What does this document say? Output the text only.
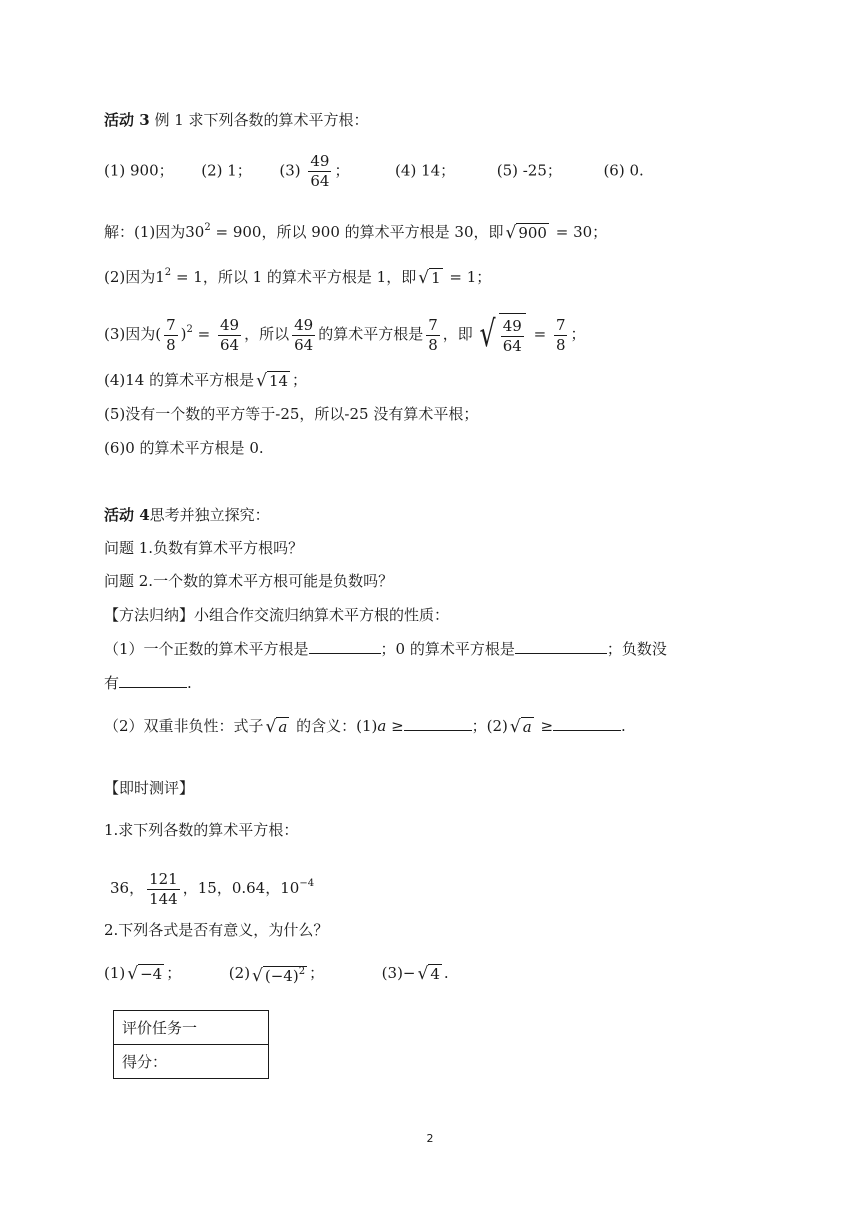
活动 3 例 1 求下列各数的算术平方根：
(1) 900； (2) 1； $(3) \frac{49}{64}$ ；	(4) 14；	(5) -25；	(6) 0.
解：(1)因为$30^2 = 900$，所以 900 的算术平方根是 30，即 √ 900 = 30；
(2)因为$1^2 = 1$，所以 1 的算术平方根是 1，即 √ 1 = 1；
(3)因为( $\frac{7}{8} )^2 = \frac{49}{64}$ ，所以 $\frac{49}{64}$ 的算术平方根是 $\frac{7}{8}$ ，即 √ $\frac{49}{64} = \frac{7}{8}$ ；
(4)14 的算术平方根是 √ 14 ；
(5)没有一个数的平方等于-25，所以-25 没有算术平根；
(6)0 的算术平方根是 0.
活动 4思考并独立探究：
问题 1.负数有算术平方根吗？
问题 2.一个数的算术平方根可能是负数吗？
【方法归纳】小组合作交流归纳算术平方根的性质：
（1）一个正数的算术平方根是	；0 的算术平方根是	；负数没
有	.
（2）双重非负性：式子 √ a 的含义：(1)a ≥	；(2) √ a ≥	.
【即时测评】
1.求下列各数的算术平方根：
36， $\frac{121}{144}$ ，15，0.64，$10^{-4}$
2.下列各式是否有意义，为什么？
(1) √ −4 ；	(2) √ $(-4)^2$ ；	(3)− √ 4 .
评价任务一
得分：
2
